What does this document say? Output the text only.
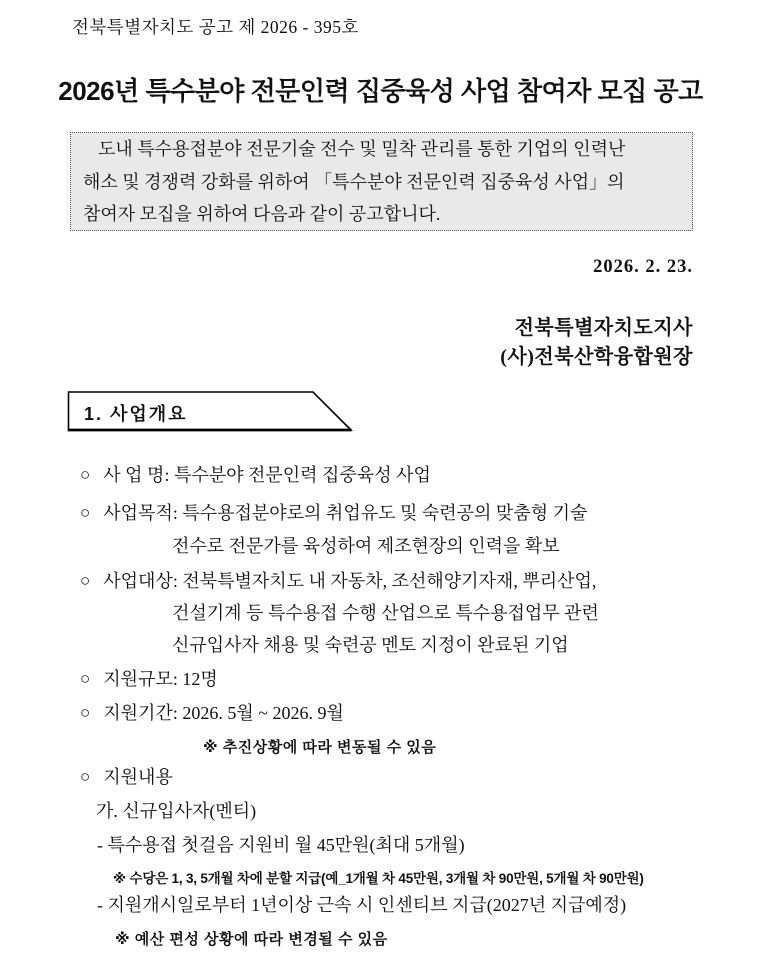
전북특별자치도 공고 제 2026 - 395호
2026년 특수분야 전문인력 집중육성 사업 참여자 모집 공고
도내 특수용접분야 전문기술 전수 및 밀착 관리를 통한 기업의 인력난
해소 및 경쟁력 강화를 위하여 「특수분야 전문인력 집중육성 사업」의
참여자 모집을 위하여 다음과 같이 공고합니다.
2026. 2. 23.
전북특별자치도지사
(사)전북산학융합원장
1. 사업개요
○ 사 업 명: 특수분야 전문인력 집중육성 사업
○ 사업목적: 특수용접분야로의 취업유도 및 숙련공의 맞춤형 기술
전수로 전문가를 육성하여 제조현장의 인력을 확보
○ 사업대상: 전북특별자치도 내 자동차, 조선해양기자재, 뿌리산업,
건설기계 등 특수용접 수행 산업으로 특수용접업무 관련
신규입사자 채용 및 숙련공 멘토 지정이 완료된 기업
○ 지원규모: 12명
○ 지원기간: 2026. 5월 ~ 2026. 9월
※ 추진상황에 따라 변동될 수 있음
○ 지원내용
가. 신규입사자(멘티)
- 특수용접 첫걸음 지원비 월 45만원(최대 5개월)
※ 수당은 1, 3, 5개월 차에 분할 지급(예_1개월 차 45만원, 3개월 차 90만원, 5개월 차 90만원)
- 지원개시일로부터 1년이상 근속 시 인센티브 지급(2027년 지급예정)
※ 예산 편성 상황에 따라 변경될 수 있음
